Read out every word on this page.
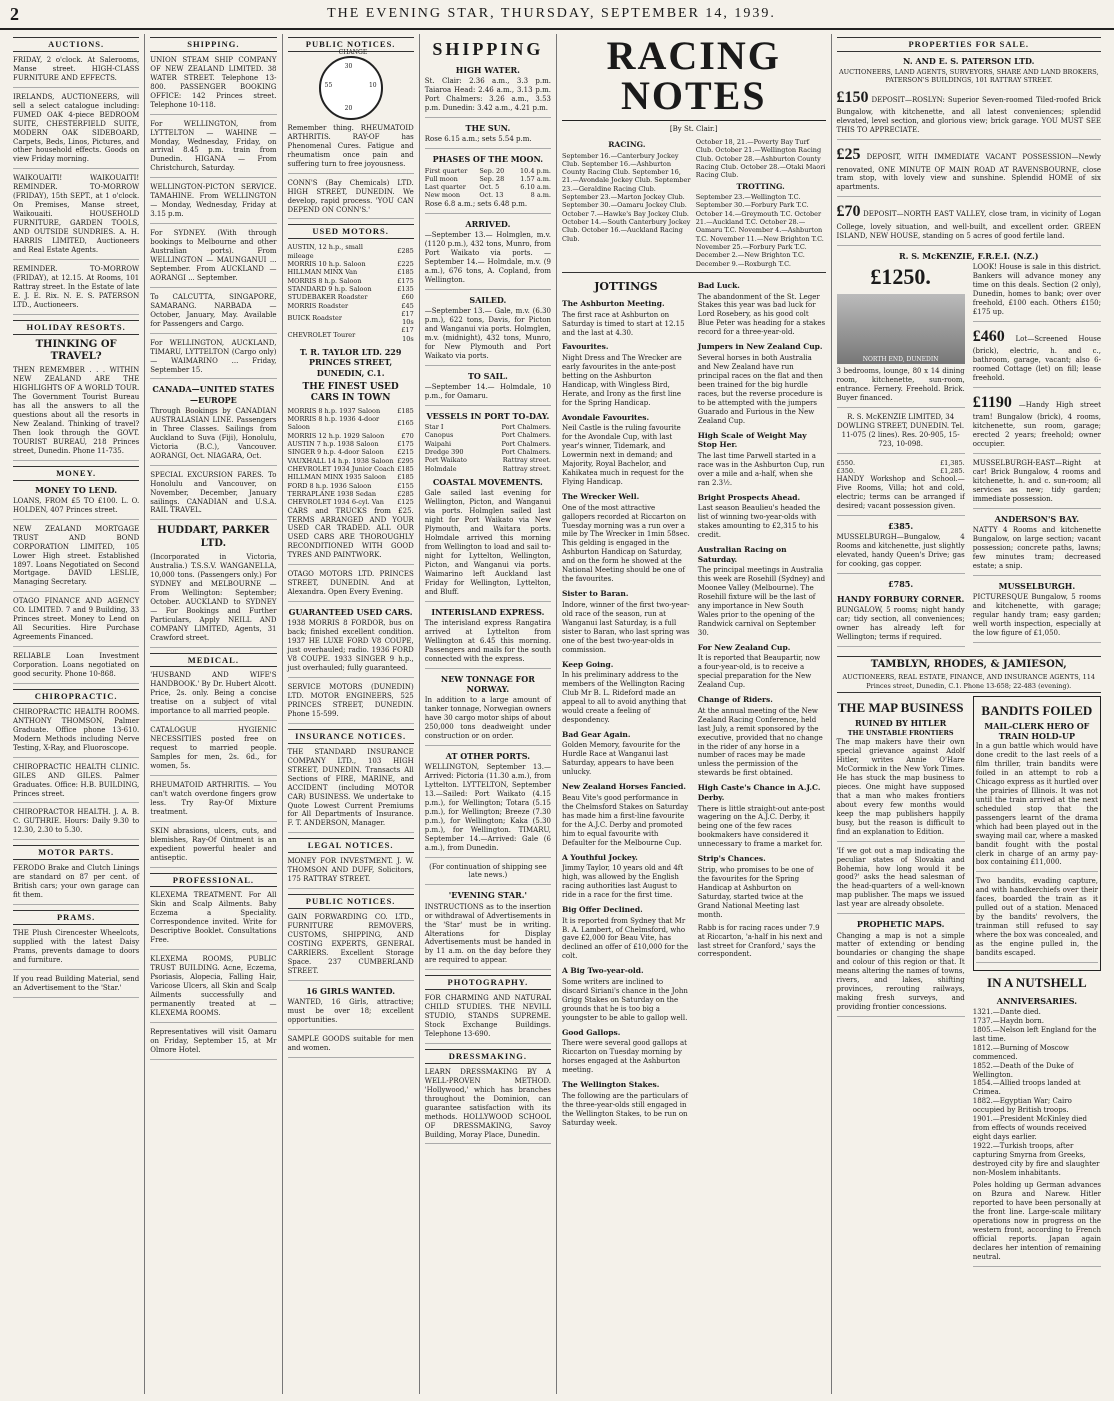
2	THE EVENING STAR, THURSDAY, SEPTEMBER 14, 1939.
AUCTIONS.
FRIDAY, 2 o'clock. At Salerooms, Manse street. HIGH-CLASS FURNITURE AND EFFECTS.
IRELANDS, AUCTIONEERS, will sell a select catalogue including: FUMED OAK 4-piece BEDROOM SUITE, CHESTERFIELD SUITE, MODERN OAK SIDEBOARD, Carpets, Beds, Linos, Pictures, and other household effects. Goods on view Friday morning.
WAIKOUAITI! WAIKOUAITI! REMINDER. TO-MORROW (FRIDAY), 15th SEPT., at 1 o'clock. On Premises, Manse street, Waikouaiti. HOUSEHOLD FURNITURE, GARDEN TOOLS, AND OUTSIDE SUNDRIES. A. H. HARRIS LIMITED, Auctioneers and Real Estate Agents.
REMINDER. TO-MORROW (FRIDAY), at 12.15. At Rooms, 101 Rattray street. In the Estate of late E. J. E. Rix. N. E. S. PATERSON LTD., Auctioneers.
HOLIDAY RESORTS.
THINKING OF TRAVEL?
THEN REMEMBER . . . WITHIN NEW ZEALAND ARE THE HIGHLIGHTS OF A WORLD TOUR. The Government Tourist Bureau has all the answers to all the questions about all the resorts in New Zealand. Thinking of travel? Then look through the GOVT. TOURIST BUREAU, 218 Princes street, Dunedin. Phone 11-735.
MONEY.
MONEY TO LEND.
LOANS, FROM £5 TO £100. L. O. HOLDEN, 407 Princes street.
NEW ZEALAND MORTGAGE TRUST AND BOND CORPORATION LIMITED, 105 Lower High street. Established 1897. Loans Negotiated on Second Mortgage. DAVID LESLIE, Managing Secretary.
OTAGO FINANCE AND AGENCY CO. LIMITED. 7 and 9 Building, 33 Princes street. Money to Lend on All Securities. Hire Purchase Agreements Financed.
RELIABLE Loan Investment Corporation. Loans negotiated on good security. Phone 10-868.
CHIROPRACTIC.
CHIROPRACTIC HEALTH ROOMS. ANTHONY THOMSON, Palmer Graduate. Office phone 13-610. Modern Methods including Nerve Testing, X-Ray, and Fluoroscope.
CHIROPRACTIC HEALTH CLINIC. GILES AND GILES. Palmer Graduates. Office: H.B. BUILDING, Princes street.
CHIROPRACTOR HEALTH. J. A. B. C. GUTHRIE. Hours: Daily 9.30 to 12.30, 2.30 to 5.30.
MOTOR PARTS.
FERODO Brake and Clutch Linings are standard on 87 per cent. of British cars; your own garage can fit them.
PRAMS.
THE Plush Cirencester Wheelcots, supplied with the latest Daisy Prams, prevents damage to doors and furniture.
If you read Building Material, send an Advertisement to the 'Star.'
SHIPPING.
UNION STEAM SHIP COMPANY OF NEW ZEALAND LIMITED. 38 WATER STREET. Telephone 13-800. PASSENGER BOOKING OFFICE: 142 Princes street. Telephone 10-118.
For WELLINGTON, from LYTTELTON — WAHINE — Monday, Wednesday, Friday, on arrival 8.45 p.m. train from Dunedin. HIGANA — From Christchurch, Saturday.
WELLINGTON-PICTON SERVICE. TAMAHINE. From WELLINGTON — Monday, Wednesday, Friday at 3.15 p.m.
For SYDNEY. (With through bookings to Melbourne and other Australian ports). From WELLINGTON — MAUNGANUI ... September. From AUCKLAND — AORANGI ... September.
To CALCUTTA, SINGAPORE, SAMARANG. NARBADA — October, January, May. Available for Passengers and Cargo.
For WELLINGTON, AUCKLAND, TIMARU, LYTTELTON (Cargo only) — WAIMARINO ... Friday, September 15.
CANADA—UNITED STATES—EUROPE
Through Bookings by CANADIAN AUSTRALASIAN LINE. Passengers in Three Classes. Sailings from Auckland to Suva (Fiji), Honolulu, Victoria (B.C.), Vancouver. AORANGI, Oct. NIAGARA, Oct.
SPECIAL EXCURSION FARES. To Honolulu and Vancouver, on November, December, January sailings. CANADIAN and U.S.A. RAIL TRAVEL.
HUDDART, PARKER LTD.
(Incorporated in Victoria, Australia.) T.S.S.V. WANGANELLA, 10,000 tons. (Passengers only.) For SYDNEY and MELBOURNE — From Wellington: September; October. AUCKLAND to SYDNEY — For Bookings and Further Particulars, Apply NEILL AND COMPANY LIMITED, Agents, 31 Crawford street.
MEDICAL.
'HUSBAND AND WIFE'S HANDBOOK.' By Dr. Hubert Alcott. Price, 2s. only. Being a concise treatise on a subject of vital importance to all married people.
CATALOGUE HYGIENIC NECESSITIES posted free on request to married people. Samples for men, 2s. 6d., for women, 5s.
RHEUMATOID ARTHRITIS. — You can't watch overdone fingers grow less. Try Ray-Of Mixture treatment.
SKIN abrasions, ulcers, cuts, and blemishes, Ray-Of Ointment is an expedient powerful healer and antiseptic.
PROFESSIONAL.
KLEXEMA TREATMENT. For All Skin and Scalp Ailments. Baby Eczema a Speciality. Correspondence invited. Write for Descriptive Booklet. Consultations Free.
KLEXEMA ROOMS, PUBLIC TRUST BUILDING. Acne, Eczema, Psoriasis, Alopecia, Falling Hair, Varicose Ulcers, all Skin and Scalp Ailments successfully and permanently treated at — KLEXEMA ROOMS.
Representatives will visit Oamaru on Friday, September 15, at Mr Olmore Hotel.
PUBLIC NOTICES.
CHANGE
30
55	10
20
Remember thing. RHEUMATOID ARTHRITIS. RAY-OF has Phenomenal Cures. Fatigue and rheumatism once pain and suffering turn to free joyousness.
CONN'S (Bay Chemicals) LTD. HIGH STREET, DUNEDIN. We develop, rapid process. 'YOU CAN DEPEND ON CONN'S.'
USED MOTORS.
AUSTIN, 12 h.p., small mileage	£285
MORRIS 10 h.p. Saloon	£225
HILLMAN MINX Van	£185
MORRIS 8 h.p. Saloon	£175
STANDARD 9 h.p. Saloon	£135
STUDEBAKER Roadster	£60
MORRIS Roadster	£45
BUICK Roadster	£17 10s
CHEVROLET Tourer	£17 10s
T. R. TAYLOR LTD. 229 PRINCES STREET, DUNEDIN, C.1.
THE FINEST USED CARS IN TOWN
MORRIS 8 h.p. 1937 Saloon	£185
MORRIS 8 h.p. 1936 4-door Saloon	£165
MORRIS 12 h.p. 1929 Saloon	£70
AUSTIN 7 h.p. 1938 Saloon	£175
SINGER 9 h.p. 4-door Saloon	£215
VAUXHALL 14 h.p. 1938 Saloon	£295
CHEVROLET 1934 Junior Coach	£185
HILLMAN MINX 1935 Saloon	£185
FORD 8 h.p. 1936 Saloon	£155
TERRAPLANE 1938 Sedan	£285
CHEVROLET 1934 6-cyl. Van	£125
CARS and TRUCKS from £25. TERMS ARRANGED AND YOUR USED CAR TRADED. ALL OUR USED CARS ARE THOROUGHLY RECONDITIONED WITH GOOD TYRES AND PAINTWORK.
OTAGO MOTORS LTD. PRINCES STREET, DUNEDIN. And at Alexandra. Open Every Evening.
GUARANTEED USED CARS.
1938 MORRIS 8 FORDOR, bus on back; finished excellent condition. 1937 HE LUXE FORD V8 COUPE, just overhauled; radio. 1936 FORD V8 COUPE. 1933 SINGER 9 h.p., just overhauled; fully guaranteed.
SERVICE MOTORS (DUNEDIN) LTD. MOTOR ENGINEERS, 525 PRINCES STREET, DUNEDIN. Phone 15-599.
INSURANCE NOTICES.
THE STANDARD INSURANCE COMPANY LTD., 103 HIGH STREET, DUNEDIN. Transacts All Sections of FIRE, MARINE, and ACCIDENT (including MOTOR CAR) BUSINESS. We undertake to Quote Lowest Current Premiums for All Departments of Insurance. F. T. ANDERSON, Manager.
LEGAL NOTICES.
MONEY FOR INVESTMENT. J. W. THOMSON AND DUFF, Solicitors, 175 RATTRAY STREET.
PUBLIC NOTICES.
GAIN FORWARDING CO. LTD., FURNITURE REMOVERS, CUSTOMS, SHIPPING, AND COSTING EXPERTS, GENERAL CARRIERS. Excellent Storage Space. 237 CUMBERLAND STREET.
16 GIRLS WANTED.
WANTED, 16 Girls, attractive; must be over 18; excellent opportunities.
SAMPLE GOODS suitable for men and women.
SHIPPING
HIGH WATER.
St. Clair: 2.36 a.m., 3.3 p.m. Taiaroa Head: 2.46 a.m., 3.13 p.m. Port Chalmers: 3.26 a.m., 3.53 p.m. Dunedin: 3.42 a.m., 4.21 p.m.
THE SUN.
Rose 6.15 a.m.; sets 5.54 p.m.
PHASES OF THE MOON.
First quarter	Sep. 20	10.4 p.m.
Full moon	Sep. 28	1.57 a.m.
Last quarter	Oct. 5	6.10 a.m.
New moon	Oct. 13	8 a.m.
Rose 6.8 a.m.; sets 6.48 p.m.
ARRIVED.
—September 13.— Holmglen, m.v. (1120 p.m.), 432 tons, Munro, from Port Waikato via ports. —September 14.— Holmdale, m.v. (9 a.m.), 676 tons, A. Copland, from Wellington.
SAILED.
—September 13.— Gale, m.v. (6.30 p.m.), 622 tons, Davis, for Picton and Wanganui via ports. Holmglen, m.v. (midnight), 432 tons, Munro, for New Plymouth and Port Waikato via ports.
TO SAIL.
—September 14.— Holmdale, 10 p.m., for Oamaru.
VESSELS IN PORT TO-DAY.
Star I	Port Chalmers.
Canopus	Port Chalmers.
Waipahi	Port Chalmers.
Dredge 390	Port Chalmers.
Port Waikato	Rattray street.
Holmdale	Rattray street.
COASTAL MOVEMENTS.
Gale sailed last evening for Wellington, Picton, and Wanganui via ports. Holmglen sailed last night for Port Waikato via New Plymouth, and Waitara ports. Holmdale arrived this morning from Wellington to load and sail to-night for Lyttelton, Wellington, Picton, and Wanganui via ports. Waimarino left Auckland last Friday for Wellington, Lyttelton, and Bluff.
INTERISLAND EXPRESS.
The interisland express Rangatira arrived at Lyttelton from Wellington at 6.45 this morning. Passengers and mails for the south connected with the express.
NEW TONNAGE FOR NORWAY.
In addition to a large amount of tanker tonnage, Norwegian owners have 30 cargo motor ships of about 250,000 tons deadweight under construction or on order.
AT OTHER PORTS.
WELLINGTON, September 13.—Arrived: Pictoria (11.30 a.m.), from Lyttelton. LYTTELTON, September 13.—Sailed: Port Waikato (4.15 p.m.), for Wellington; Totara (5.15 p.m.), for Wellington; Breeze (7.30 p.m.), for Wellington; Kaka (5.30 p.m.), for Wellington. TIMARU, September 14.—Arrived: Gale (6 a.m.), from Dunedin.
(For continuation of shipping see late news.)
'EVENING STAR.'
INSTRUCTIONS as to the insertion or withdrawal of Advertisements in the 'Star' must be in writing. Alterations for Display Advertisements must be handed in by 11 a.m. on the day before they are required to appear.
PHOTOGRAPHY.
FOR CHARMING AND NATURAL CHILD STUDIES. THE NEVILL STUDIO, STANDS SUPREME. Stock Exchange Buildings. Telephone 13-690.
DRESSMAKING.
LEARN DRESSMAKING BY A WELL-PROVEN METHOD. 'Hollywood,' which has branches throughout the Dominion, can guarantee satisfaction with its methods. HOLLYWOOD SCHOOL OF DRESSMAKING, Savoy Building, Moray Place, Dunedin.
RACING NOTES
[By St. Clair.]
RACING.
September 16.—Canterbury Jockey Club. September 16.—Ashburton County Racing Club. September 16, 21.—Avondale Jockey Club. September 23.—Geraldine Racing Club. September 23.—Marton Jockey Club. September 30.—Oamaru Jockey Club. October 7.—Hawke's Bay Jockey Club. October 14.—South Canterbury Jockey Club. October 16.—Auckland Racing Club.
October 18, 21.—Poverty Bay Turf Club. October 21.—Wellington Racing Club. October 28.—Ashburton County Racing Club. October 28.—Otaki Maori Racing Club.
TROTTING.
September 23.—Wellington T.C. September 30.—Forbury Park T.C. October 14.—Greymouth T.C. October 21.—Auckland T.C. October 28.—Oamaru T.C. November 4.—Ashburton T.C. November 11.—New Brighton T.C. November 25.—Forbury Park T.C. December 2.—New Brighton T.C. December 9.—Roxburgh T.C.
JOTTINGS
The Ashburton Meeting.
The first race at Ashburton on Saturday is timed to start at 12.15 and the last at 4.30.
Favourites.
Night Dress and The Wrecker are early favourites in the ante-post betting on the Ashburton Handicap, with Wingless Bird, Herate, and Irony as the first line for the Spring Handicap.
Avondale Favourites.
Neil Castle is the ruling favourite for the Avondale Cup, with last year's winner, Tidemark, and Lowermin next in demand; and Majority, Royal Bachelor, and Kahikatea much in request for the Flying Handicap.
The Wrecker Well.
One of the most attractive gallopers recorded at Riccarton on Tuesday morning was a run over a mile by The Wrecker in 1min 58sec. This gelding is engaged in the Ashburton Handicap on Saturday, and on the form he showed at the National Meeting should be one of the favourites.
Sister to Baran.
Indore, winner of the first two-year-old race of the season, run at Wanganui last Saturday, is a full sister to Baran, who last spring was one of the best two-year-olds in commission.
Keep Going.
In his preliminary address to the members of the Wellington Racing Club Mr B. L. Rideford made an appeal to all to avoid anything that would create a feeling of despondency.
Bad Gear Again.
Golden Memory, favourite for the Hurdle Race at Wanganui last Saturday, appears to have been unlucky.
New Zealand Horses Fancied.
Beau Vite's good performance in the Chelmsford Stakes on Saturday has made him a first-line favourite for the A.J.C. Derby and promoted him to equal favourite with Defaulter for the Melbourne Cup.
A Youthful Jockey.
Jimmy Taylor, 10 years old and 4ft high, was allowed by the English racing authorities last August to ride in a race for the first time.
Big Offer Declined.
It is reported from Sydney that Mr B. A. Lambert, of Chelmsford, who gave £2,000 for Beau Vite, has declined an offer of £10,000 for the colt.
A Big Two-year-old.
Some writers are inclined to discard Siriani's chance in the John Grigg Stakes on Saturday on the grounds that he is too big a youngster to be able to gallop well.
Good Gallops.
There were several good gallops at Riccarton on Tuesday morning by horses engaged at the Ashburton meeting.
The Wellington Stakes.
The following are the particulars of the three-year-olds still engaged in the Wellington Stakes, to be run on Saturday week.
Bad Luck.
The abandonment of the St. Leger Stakes this year was bad luck for Lord Rosebery, as his good colt Blue Peter was heading for a stakes record for a three-year-old.
Jumpers in New Zealand Cup.
Several horses in both Australia and New Zealand have run principal races on the flat and then been trained for the big hurdle races, but the reverse procedure is to be attempted with the jumpers Guarado and Furious in the New Zealand Cup.
High Scale of Weight May Stop Her.
The last time Parwell started in a race was in the Ashburton Cup, run over a mile and a-half, when she ran 2.3½.
Bright Prospects Ahead.
Last season Beaulieu's headed the list of winning two-year-olds with stakes amounting to £2,315 to his credit.
Australian Racing on Saturday.
The principal meetings in Australia this week are Rosehill (Sydney) and Moonee Valley (Melbourne). The Rosehill fixture will be the last of any importance in New South Wales prior to the opening of the Randwick carnival on September 30.
For New Zealand Cup.
It is reported that Beaupartir, now a four-year-old, is to receive a special preparation for the New Zealand Cup.
Change of Riders.
At the annual meeting of the New Zealand Racing Conference, held last July, a remit sponsored by the executive, provided that no change in the rider of any horse in a number of races may be made unless the permission of the stewards be first obtained.
High Caste's Chance in A.J.C. Derby.
There is little straight-out ante-post wagering on the A.J.C. Derby, it being one of the few races bookmakers have considered it unnecessary to frame a market for.
Strip's Chances.
Strip, who promises to be one of the favourites for the Spring Handicap at Ashburton on Saturday, started twice at the Grand National Meeting last month.
Rabb is for racing races under 7.9 at Riccarton, 'a-half in his next and last street for Cranford,' says the correspondent.
PROPERTIES FOR SALE.
N. AND E. S. PATERSON LTD.
AUCTIONEERS, LAND AGENTS, SURVEYORS, SHARE AND LAND BROKERS, PATERSON'S BUILDINGS, 101 RATTRAY STREET.
£150 DEPOSIT—ROSLYN: Superior Seven-roomed Tiled-roofed Brick Bungalow, with kitchenette, and all latest conveniences; splendid elevated, level section, and glorious view; brick garage. YOU MUST SEE THIS TO APPRECIATE.
£25 DEPOSIT, WITH IMMEDIATE VACANT POSSESSION—Newly renovated, ONE MINUTE OF MAIN ROAD AT RAVENSBOURNE, close tram stop, with lovely view and sunshine. Splendid HOME of six apartments.
£70 DEPOSIT—NORTH EAST VALLEY, close tram, in vicinity of Logan College, lovely situation, and well-built, and excellent order. GREEN ISLAND, NEW HOUSE, standing on 5 acres of good fertile land.
R. S. McKENZIE, F.R.E.I. (N.Z.)
£1250.
NORTH END, DUNEDIN
3 bedrooms, lounge, 80 x 14 dining room, kitchenette, sun-room, entrance. Fernery. Freehold. Brick. Buyer financed.
R. S. McKENZIE LIMITED, 34 DOWLING STREET, DUNEDIN. Tel. 11-075 (2 lines). Res. 20-905, 15-723, 10-098.
£550.	£1,385.
£350.	£1,285.
HANDY Workshop and School.—Five Rooms, Villa; hot and cold, electric; terms can be arranged if desired; vacant possession given.
£385.
MUSSELBURGH—Bungalow, 4 Rooms and kitchenette, just slightly elevated, handy Queen's Drive; gas for cooking, gas copper.
£785.
HANDY FORBURY CORNER.
BUNGALOW, 5 rooms; night handy car; tidy section, all conveniences; owner has already left for Wellington; terms if required.
LOOK! House is sale in this district. Bankers will advance money any time on this deals. Section (2 only), Dunedin, homes to bank; over over freehold, £100 each. Others £150; £175 up.
£460 Lot—Screened House (brick), electric, h. and c., bathroom, garage, vacant; also 6-roomed Cottage (let) on fill; lease freehold.
£1190 —Handy High street tram! Bungalow (brick), 4 rooms, kitchenette, sun room, garage; erected 2 years; freehold; owner occupier.
MUSSELBURGH-EAST—Right at car! Brick Bungalow, 4 rooms and kitchenette, h. and c. sun-room; all services as new; tidy garden; immediate possession.
ANDERSON'S BAY.
NATTY 4 Rooms and kitchenette Bungalow, on large section; vacant possession; concrete paths, lawns; few minutes tram; decreased estate; a snip.
MUSSELBURGH.
PICTURESQUE Bungalow, 5 rooms and kitchenette, with garage; regular handy tram; easy garden; well worth inspection, especially at the low figure of £1,050.
TAMBLYN, RHODES, & JAMIESON,
AUCTIONEERS, REAL ESTATE, FINANCE, AND INSURANCE AGENTS, 114 Princes street, Dunedin, C.1. Phone 13-658; 22-483 (evening).
THE MAP BUSINESS
RUINED BY HITLER
THE UNSTABLE FRONTIERS
The map makers have their own special grievance against Adolf Hitler, writes Annie O'Hare McCormick in the New York Times. He has stuck the map business to pieces. One might have supposed that a man who makes frontiers about every few months would keep the map publishers happily busy, but the reason is difficult to find an explanation to Edition.
'If we got out a map indicating the peculiar states of Slovakia and Bohemia, how long would it be good?' asks the head salesman of the head-quarters of a well-known map publisher. The maps we issued last year are already obsolete.
PROPHETIC MAPS.
Changing a map is not a simple matter of extending or bending boundaries or changing the shape and colour of this region or that. It means altering the names of towns, rivers, and lakes, shifting provinces, rerouting railways, making fresh surveys, and providing frontier concessions.
BANDITS FOILED
MAIL-CLERK HERO OF TRAIN HOLD-UP
In a gun battle which would have done credit to the last reels of a film thriller, train bandits were foiled in an attempt to rob a Chicago express as it hurtled over the prairies of Illinois. It was not until the train arrived at the next scheduled stop that the passengers learnt of the drama which had been played out in the swaying mail car, where a masked bandit fought with the postal clerk in charge of an army pay-box containing £11,000.
Two bandits, evading capture, and with handkerchiefs over their faces, boarded the train as it pulled out of a station. Menaced by the bandits' revolvers, the trainman still refused to say where the box was concealed, and as the engine pulled in, the bandits escaped.
IN A NUTSHELL
ANNIVERSARIES.
1321.—Dante died.
1737.—Haydn born.
1805.—Nelson left England for the last time.
1812.—Burning of Moscow commenced.
1852.—Death of the Duke of Wellington.
1854.—Allied troops landed at Crimea.
1882.—Egyptian War; Cairo occupied by British troops.
1901.—President McKinley died from effects of wounds received eight days earlier.
1922.—Turkish troops, after capturing Smyrna from Greeks, destroyed city by fire and slaughter non-Moslem inhabitants.
Poles holding up German advances on Bzura and Narew. Hitler reported to have been personally at the front line. Large-scale military operations now in progress on the western front, according to French official reports. Japan again declares her intention of remaining neutral.
